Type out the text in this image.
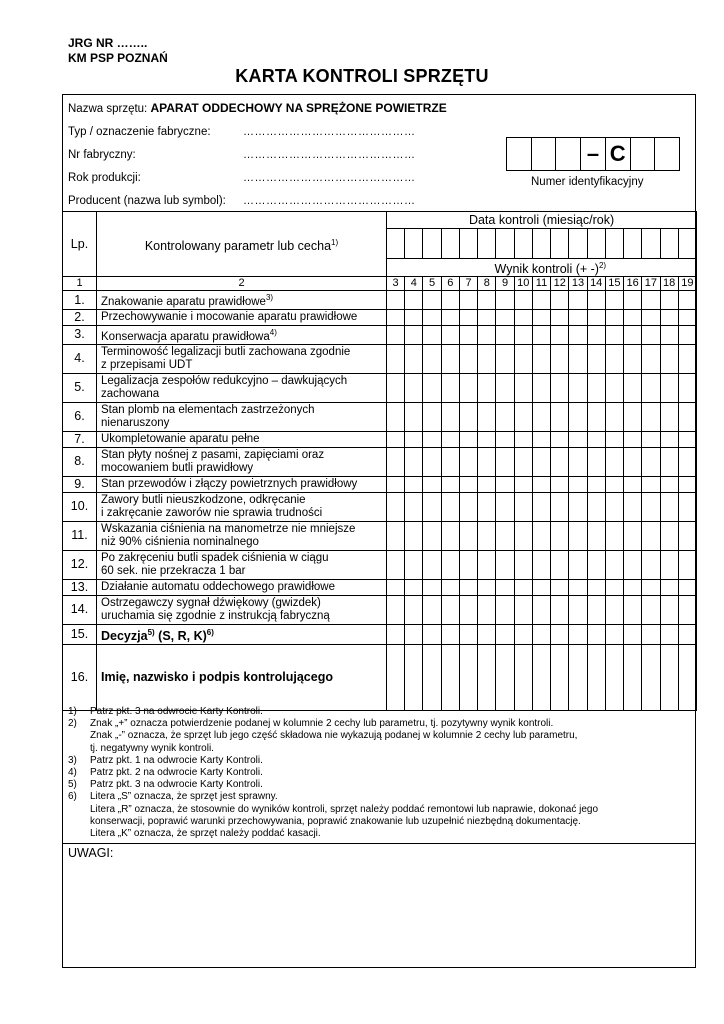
JRG NR ……..
KM PSP POZNAŃ
KARTA KONTROLI SPRZĘTU
Nazwa sprzętu: APARAT ODDECHOWY NA SPRĘŻONE POWIETRZE
Typ / oznaczenie fabryczne:	………………………………………
Nr fabryczny:	………………………………………
Rok produkcji:	………………………………………
Producent (nazwa lub symbol): ………………………………………
– C
Numer identyfikacyjny
Lp.	Kontrolowany parametr lub cecha$^{1)}$	Data kontroli (miesiąc/rok)																

		Wynik kontroli (+ -)$^{2)}$
1	2	3	4	5	6	7	8	9	10	11	12	13	14	15	16	17	18	19
1.	Znakowanie aparatu prawidłowe$^{3)}$																	
2.	Przechowywanie i mocowanie aparatu prawidłowe																	
3.	Konserwacja aparatu prawidłowa$^{4)}$																	
4.	Terminowość legalizacji butli zachowana zgodnie
z przepisami UDT																	
5.	Legalizacja zespołów redukcyjno – dawkujących
zachowana																	
6.	Stan plomb na elementach zastrzeżonych
nienaruszony																	
7.	Ukompletowanie aparatu pełne																	
8.	Stan płyty nośnej z pasami, zapięciami oraz
mocowaniem butli prawidłowy																	
9.	Stan przewodów i złączy powietrznych prawidłowy																	
10.	Zawory butli nieuszkodzone, odkręcanie
i zakręcanie zaworów nie sprawia trudności																	
11.	Wskazania ciśnienia na manometrze nie mniejsze
niż 90% ciśnienia nominalnego																	
12.	Po zakręceniu butli spadek ciśnienia w ciągu
60 sek. nie przekracza 1 bar																	
13.	Działanie automatu oddechowego prawidłowe																	
14.	Ostrzegawczy sygnał dźwiękowy (gwizdek)
uruchamia się zgodnie z instrukcją fabryczną																	
15.	Decyzja$^{5)}$ (S, R, K)$^{6)}$																	
16.	Imię, nazwisko i podpis kontrolującego																	
1)	Patrz pkt. 3 na odwrocie Karty Kontroli.
2)	Znak „+” oznacza potwierdzenie podanej w kolumnie 2 cechy lub parametru, tj. pozytywny wynik kontroli.
Znak „-” oznacza, że sprzęt lub jego część składowa nie wykazują podanej w kolumnie 2 cechy lub parametru,
tj. negatywny wynik kontroli.
3)	Patrz pkt. 1 na odwrocie Karty Kontroli.
4)	Patrz pkt. 2 na odwrocie Karty Kontroli.
5)	Patrz pkt. 3 na odwrocie Karty Kontroli.
6)	Litera „S” oznacza, że sprzęt jest sprawny.
Litera „R” oznacza, że stosownie do wyników kontroli, sprzęt należy poddać remontowi lub naprawie, dokonać jego
konserwacji, poprawić warunki przechowywania, poprawić znakowanie lub uzupełnić niezbędną dokumentację.
Litera „K” oznacza, że sprzęt należy poddać kasacji.
UWAGI:
